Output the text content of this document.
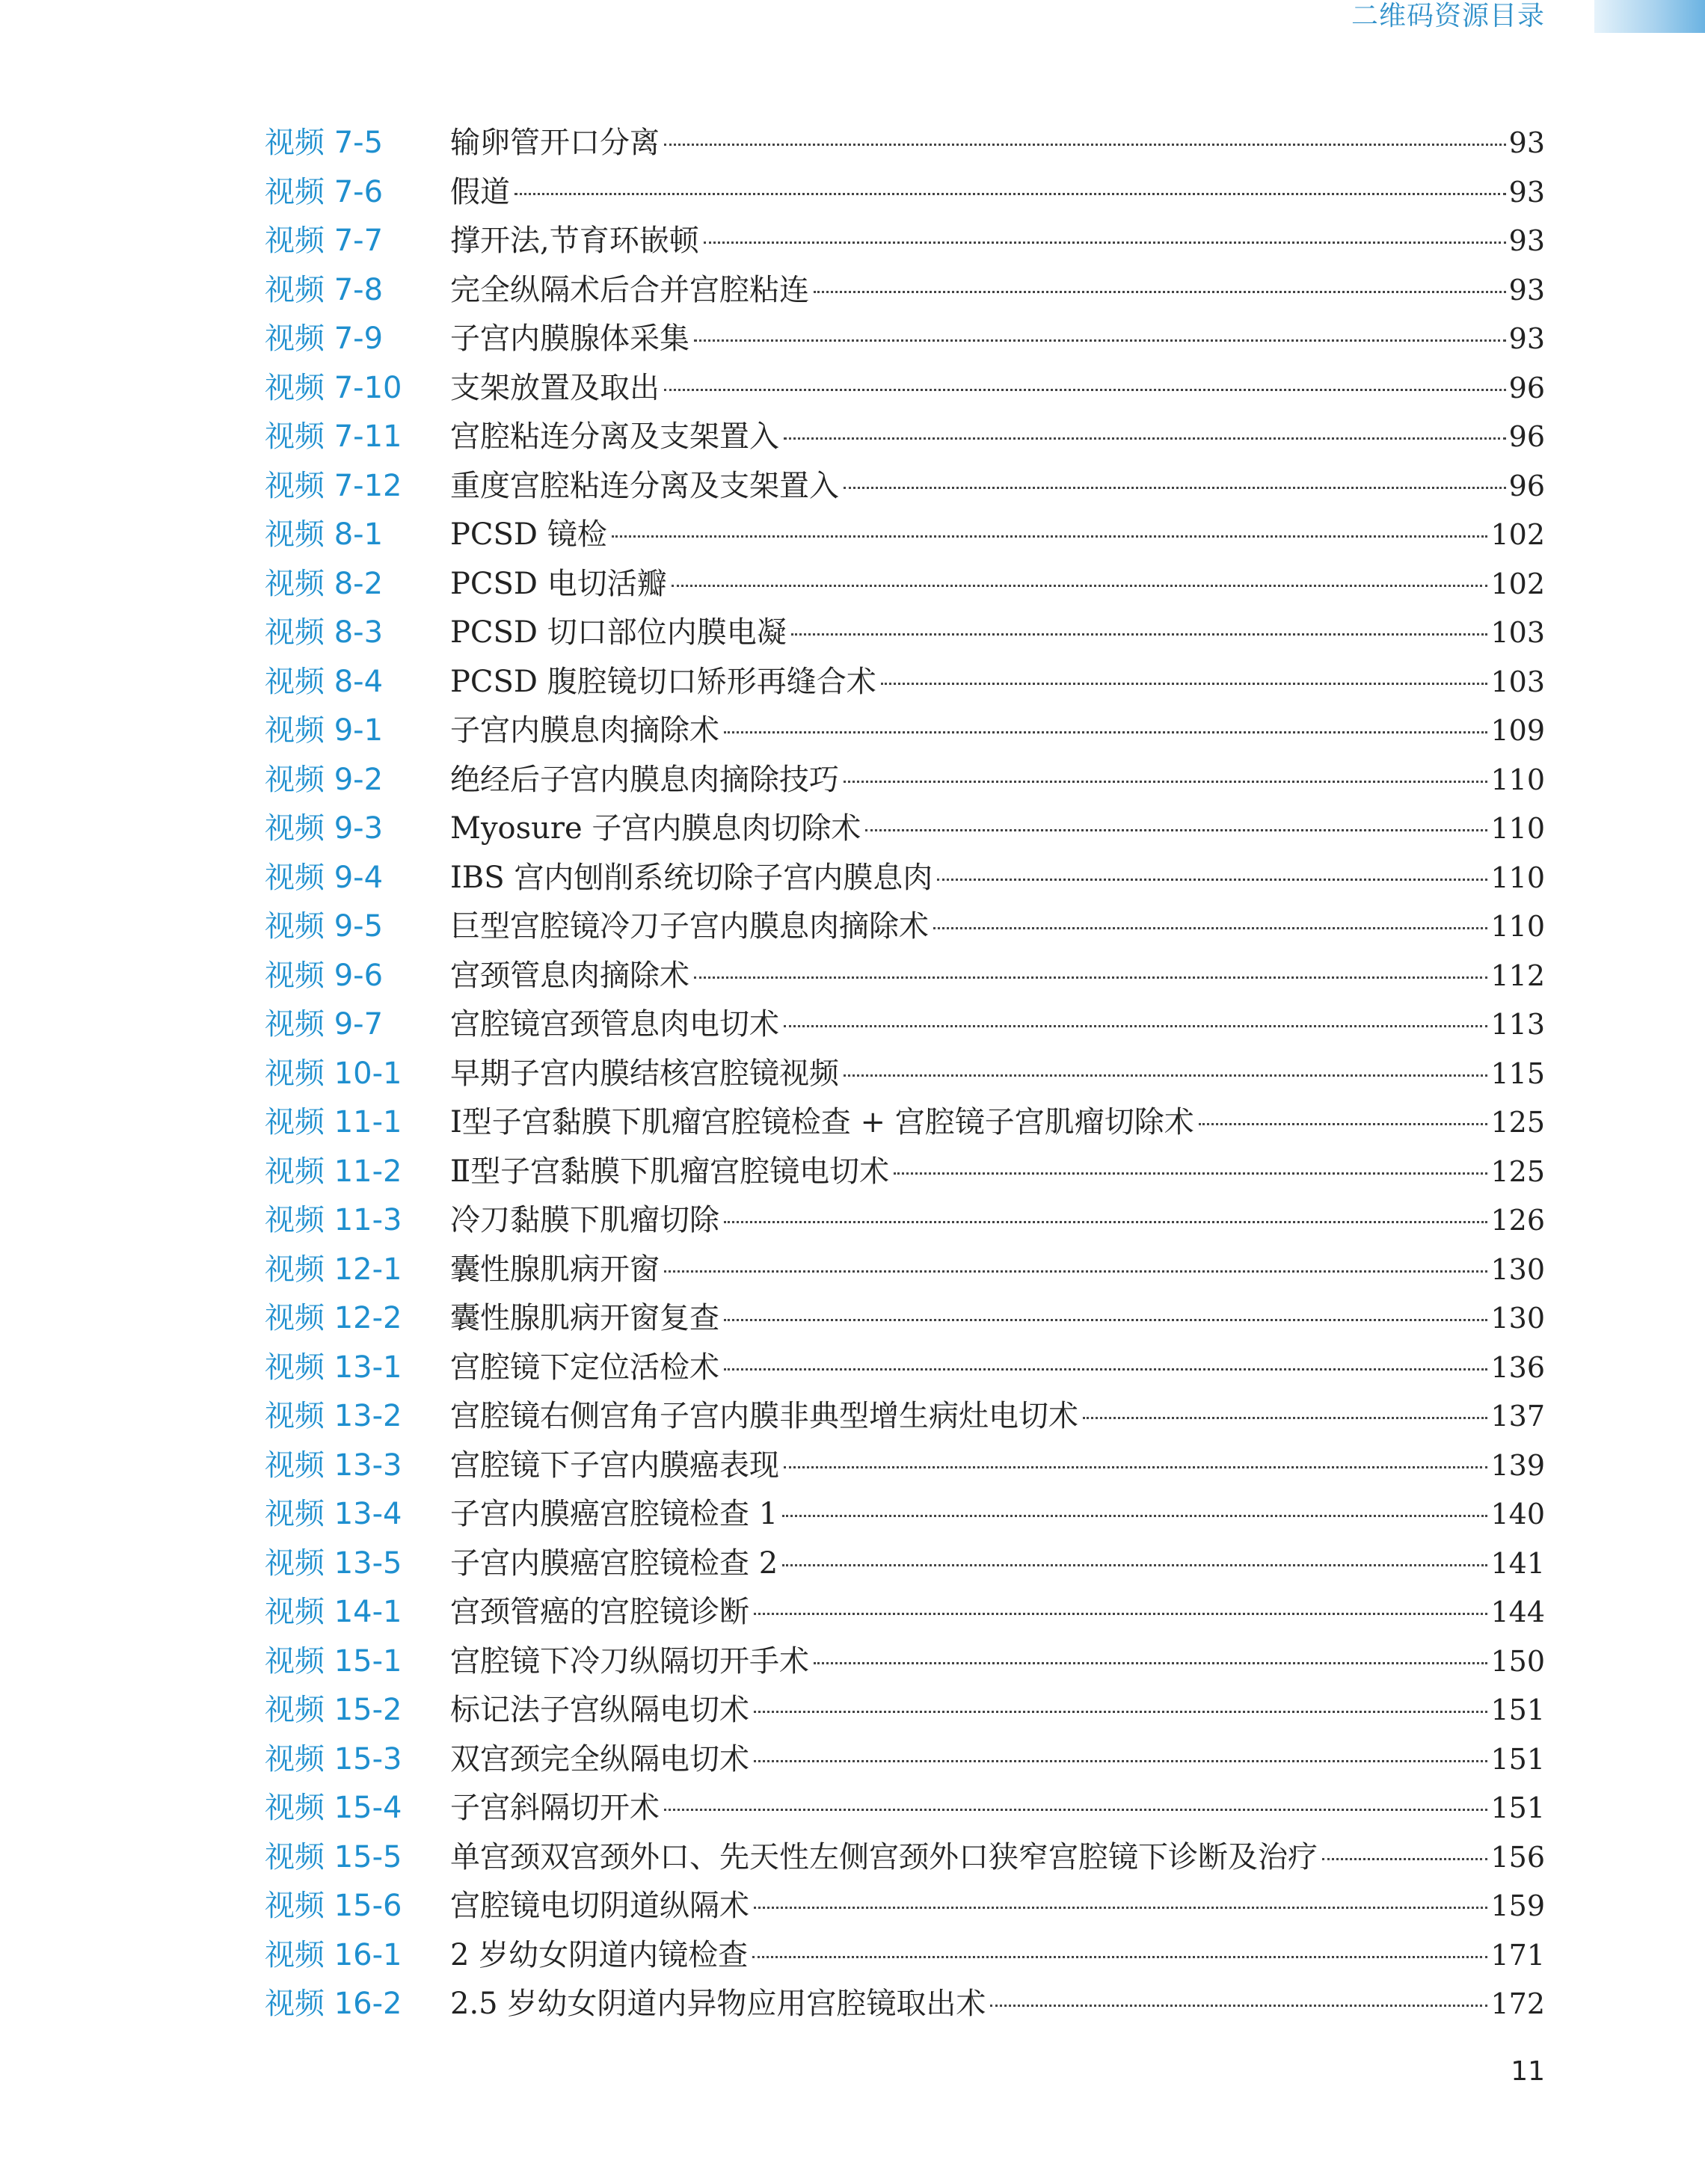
二维码资源目录
视频 7-5	输卵管开口分离	93
视频 7-6	假道	93
视频 7-7	撑开法,节育环嵌顿	93
视频 7-8	完全纵隔术后合并宫腔粘连	93
视频 7-9	子宫内膜腺体采集	93
视频 7-10	支架放置及取出	96
视频 7-11	宫腔粘连分离及支架置入	96
视频 7-12	重度宫腔粘连分离及支架置入	96
视频 8-1	PCSD 镜检	102
视频 8-2	PCSD 电切活瓣	102
视频 8-3	PCSD 切口部位内膜电凝	103
视频 8-4	PCSD 腹腔镜切口矫形再缝合术	103
视频 9-1	子宫内膜息肉摘除术	109
视频 9-2	绝经后子宫内膜息肉摘除技巧	110
视频 9-3	Myosure 子宫内膜息肉切除术	110
视频 9-4	IBS 宫内刨削系统切除子宫内膜息肉	110
视频 9-5	巨型宫腔镜冷刀子宫内膜息肉摘除术	110
视频 9-6	宫颈管息肉摘除术	112
视频 9-7	宫腔镜宫颈管息肉电切术	113
视频 10-1	早期子宫内膜结核宫腔镜视频	115
视频 11-1	Ⅰ型子宫黏膜下肌瘤宫腔镜检查 + 宫腔镜子宫肌瘤切除术	125
视频 11-2	Ⅱ型子宫黏膜下肌瘤宫腔镜电切术	125
视频 11-3	冷刀黏膜下肌瘤切除	126
视频 12-1	囊性腺肌病开窗	130
视频 12-2	囊性腺肌病开窗复查	130
视频 13-1	宫腔镜下定位活检术	136
视频 13-2	宫腔镜右侧宫角子宫内膜非典型增生病灶电切术	137
视频 13-3	宫腔镜下子宫内膜癌表现	139
视频 13-4	子宫内膜癌宫腔镜检查 1	140
视频 13-5	子宫内膜癌宫腔镜检查 2	141
视频 14-1	宫颈管癌的宫腔镜诊断	144
视频 15-1	宫腔镜下冷刀纵隔切开手术	150
视频 15-2	标记法子宫纵隔电切术	151
视频 15-3	双宫颈完全纵隔电切术	151
视频 15-4	子宫斜隔切开术	151
视频 15-5	单宫颈双宫颈外口、先天性左侧宫颈外口狭窄宫腔镜下诊断及治疗	156
视频 15-6	宫腔镜电切阴道纵隔术	159
视频 16-1	2 岁幼女阴道内镜检查	171
视频 16-2	2.5 岁幼女阴道内异物应用宫腔镜取出术	172
11
